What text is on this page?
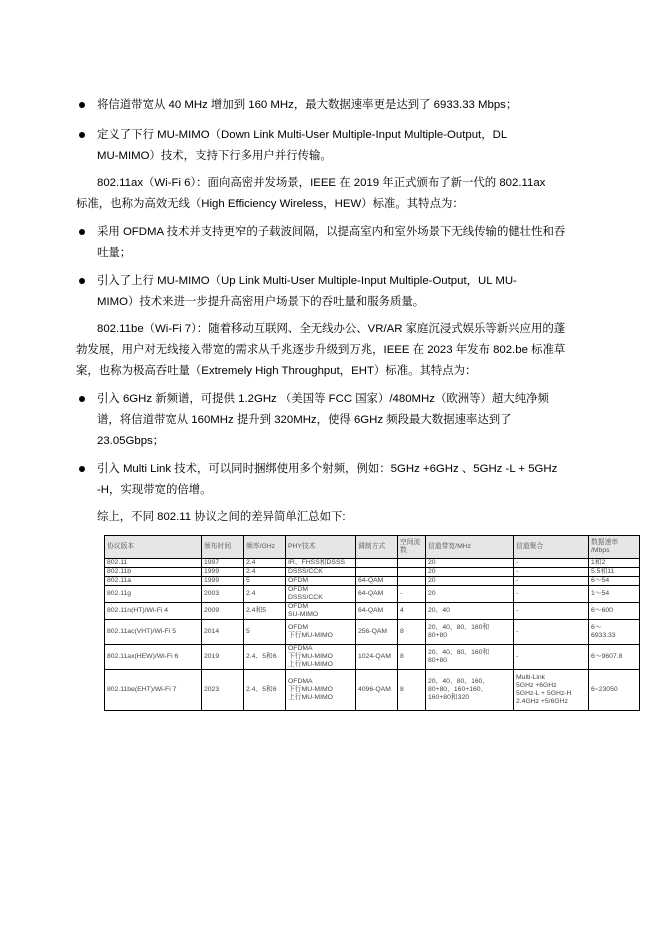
将信道带宽从 40 MHz 增加到 160 MHz，最大数据速率更是达到了 6933.33 Mbps；
定义了下行 MU-MIMO（Down Link Multi-User Multiple-Input Multiple-Output，DL
MU-MIMO）技术，支持下行多用户并行传输。
802.11ax（Wi-Fi 6）：面向高密并发场景，IEEE 在 2019 年正式颁布了新一代的 802.11ax
标准，也称为高效无线（High Efficiency Wireless，HEW）标准。其特点为：
采用 OFDMA 技术并支持更窄的子载波间隔，以提高室内和室外场景下无线传输的健壮性和吞
吐量；
引入了上行 MU-MIMO（Up Link Multi-User Multiple-Input Multiple-Output，UL MU-
MIMO）技术来进一步提升高密用户场景下的吞吐量和服务质量。
802.11be（Wi-Fi 7）：随着移动互联网、全无线办公、VR/AR 家庭沉浸式娱乐等新兴应用的蓬
勃发展，用户对无线接入带宽的需求从千兆逐步升级到万兆，IEEE 在 2023 年发布 802.be 标准草
案，也称为极高吞吐量（Extremely High Throughput，EHT）标准。其特点为：
引入 6GHz 新频谱，可提供 1.2GHz （美国等 FCC 国家）/480MHz（欧洲等）超大纯净频
谱，将信道带宽从 160MHz 提升到 320MHz，使得 6GHz 频段最大数据速率达到了
23.05Gbps；
引入 Multi Link 技术，可以同时捆绑使用多个射频，例如：5GHz +6GHz 、5GHz -L + 5GHz
-H，实现带宽的倍增。
综上，不同 802.11 协议之间的差异简单汇总如下:
协议版本	颁布时间	频率/GHz	PHY技术	调制方式	空间流
数	信道带宽/MHz	信道聚合	数据速率
/Mbps
802.11	1997	2.4	IR、FHSS和DSSS			20	-	1和2
802.11b	1999	2.4	DSSS/CCK			20	-	5.5和11
802.11a	1999	5	OFDM	64-QAM		20	-	6～54
802.11g	2003	2.4	OFDM
DSSS/CCK	64-QAM	-	20	-	1～54
802.11n(HT)/Wi-Fi 4	2009	2.4和5	OFDM
SU-MIMO	64-QAM	4	20、40	-	6～600
802.11ac(VHT)/Wi-Fi 5	2014	5	OFDM
下行MU-MIMO	256-QAM	8	20、40、80、160和
80+80	-	6～
6933.33
802.11ax(HEW)/Wi-Fi 6	2019	2.4、5和6	OFDMA
下行MU-MIMO
上行MU-MIMO	1024-QAM	8	20、40、80、160和
80+80	-	6～9607.8
802.11be(EHT)/Wi-Fi 7	2023	2.4、5和6	OFDMA
下行MU-MIMO
上行MU-MIMO	4096-QAM	8	20、40、80、160、
80+80、160+160、
160+80和320	Multi-Link
5GHz +6GHz
5GHz-L + 5GHz-H
2.4GHz +5/6GHz	6~23050
